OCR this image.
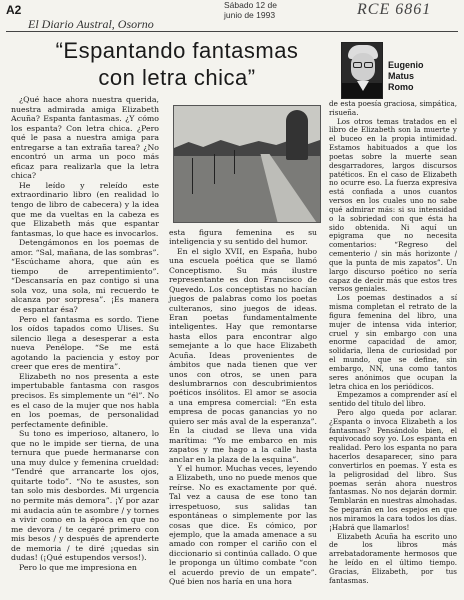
A2	Sábado 12 de
junio de 1993	RCE 6861
El Diario Austral, Osorno
“Espantando fantasmas
con letra chica”	Eugenio
Matus
Romo

¿Qué hace ahora nuestra querida, nuestra admirada amiga Elizabeth Acuña? Espanta fantasmas. ¿Y cómo los espanta? Con letra chica. ¿Pero qué le pasa a nuestra amiga para entregarse a tan extraña tarea? ¿No encontró un arma un poco más eficaz para realizarla que la letra chica?

He leído y releído este extraordinario libro (en realidad lo tengo de libro de cabecera) y la idea que me da vueltas en la cabeza es que Elizabeth más que espantar fantasmas, lo que hace es invocarlos.

Detengámonos en los poemas de amor. “Sal, mañana, de las sombras”. “Escúchame ahora, que aún es tiempo de arrepentimiento”. “Descansaría en paz contigo si una sola voz, una sola, mi recuerdo te alcanza por sorpresa”. ¡Es manera de espantar ésa?

Pero el fantasma es sordo. Tiene los oídos tapados como Ulises. Su silencio llega a desesperar a esta nueva Penélope. “Se me está agotando la paciencia y estoy por creer que eres de mentira”.

Elizabeth no nos presenta a este impertubable fantasma con rasgos precisos. Es simplemente un “él”. No es el caso de la mujer que nos habla en los poemas, de personalidad perfectamente definible.

Su tono es imperioso, altanero, lo que no le impide ser tierna, de una ternura que puede hermanarse con una muy dulce y femenina crueldad: “Tendré que arrancarte los ojos, quitarte todo”. “No te asustes, son tan solo mis desbordes. Mi urgencia no permite más demora”. ¡Y por azar mi audacia aún te asombre / y tornes a vivir como en la época en que no me devora / te cegaré primero con mis besos / y después de aprenderte de memoria / te diré ¡quedas sin dudas! (¡Qué estupendos versos!).

Pero lo que me impresiona en

esta figura femenina es su inteligencia y su sentido del humor.

En el siglo XVII, en España, hubo una escuela poética que se llamó Conceptismo. Su más ilustre representante es don Francisco de Quevedo. Los conceptistas no hacían juegos de palabras como los poetas culteranos, sino juegos de ideas. Eran poetas fundamentalmente inteligentes. Hay que remontarse hasta ellos para encontrar algo semejante a lo que hace Elizabeth Acuña. Ideas provenientes de ámbitos que nada tienen que ver unos con otros, se unen para deslumbrarnos con descubrimientos poéticos insólitos. El amor se asocia a una empresa comercial: “En esta empresa de pocas ganancias yo no quiero ser más aval de la esperanza”. En la ciudad se lleva una vida marítima: “Yo me embarco en mis zapatos y me hago a la calle hasta anclar en la plaza de la esquina”.

Y el humor. Muchas veces, leyendo a Elizabeth, uno no puede menos que reírse. No es exactamente por qué. Tal vez a causa de ese tono tan irrespetuoso, sus salidas tan espontáneas o simplemente por las cosas que dice. Es cómico, por ejemplo, que la amada amenace a su amado con romper el cariño con el diccionario si continúa callado. O que le proponga un último combate “con el acuerdo previo de un empate”. Qué bien nos haría en una hora

de esta poesía graciosa, simpática, risueña.

Los otros temas tratados en el libro de Elizabeth son la muerte y el buceo en la propia intimidad. Estamos habituados a que los poetas sobre la muerte sean desgarradores, largos discursos patéticos. En el caso de Elizabeth no ocurre eso. La fuerza expresiva está confiada a unos cuantos versos en los cuales uno no sabe qué admirar más: si su intensidad o la sobriedad con que ésta ha sido obtenida. Ni aquí un epigrama que no necesita comentarios: “Regreso del cementerio / sin más horizonte / que la punta de mis zapatos”. Un largo discurso poético no sería capaz de decir más que estos tres versos geniales.

Los poemas destinados a sí misma completan el retrato de la figura femenina del libro, una mujer de intensa vida interior, cruel y sin embargo con una enorme capacidad de amor, solidaria, llena de curiosidad por el mundo, que se define, sin embargo, NN, una como tantos seres anónimos que ocupan la letra chica en los periódicos.

Empezamos a comprender así el sentido del título del libro.

Pero algo queda por aclarar. ¿Espanta o invoca Elizabeth a los fantasmas? Pensándolo bien, el equivocado soy yo. Los espanta en realidad. Pero los espanta no para hacerlos desaparecer, sino para convertirlos en poemas. Y esta es la peligrosidad del libro. Sus poemas serán ahora nuestros fantasmas. No nos dejarán dormir. Temblarán en nuestras almohadas. Se pegarán en los espejos en que nos miramos la cara todos los días. ¡Habrá que llamarlos!

Elizabeth Acuña ha escrito uno de los libros más arrebatadoramente hermosos que he leído en el último tiempo. Gracias, Elizabeth, por tus fantasmas.
